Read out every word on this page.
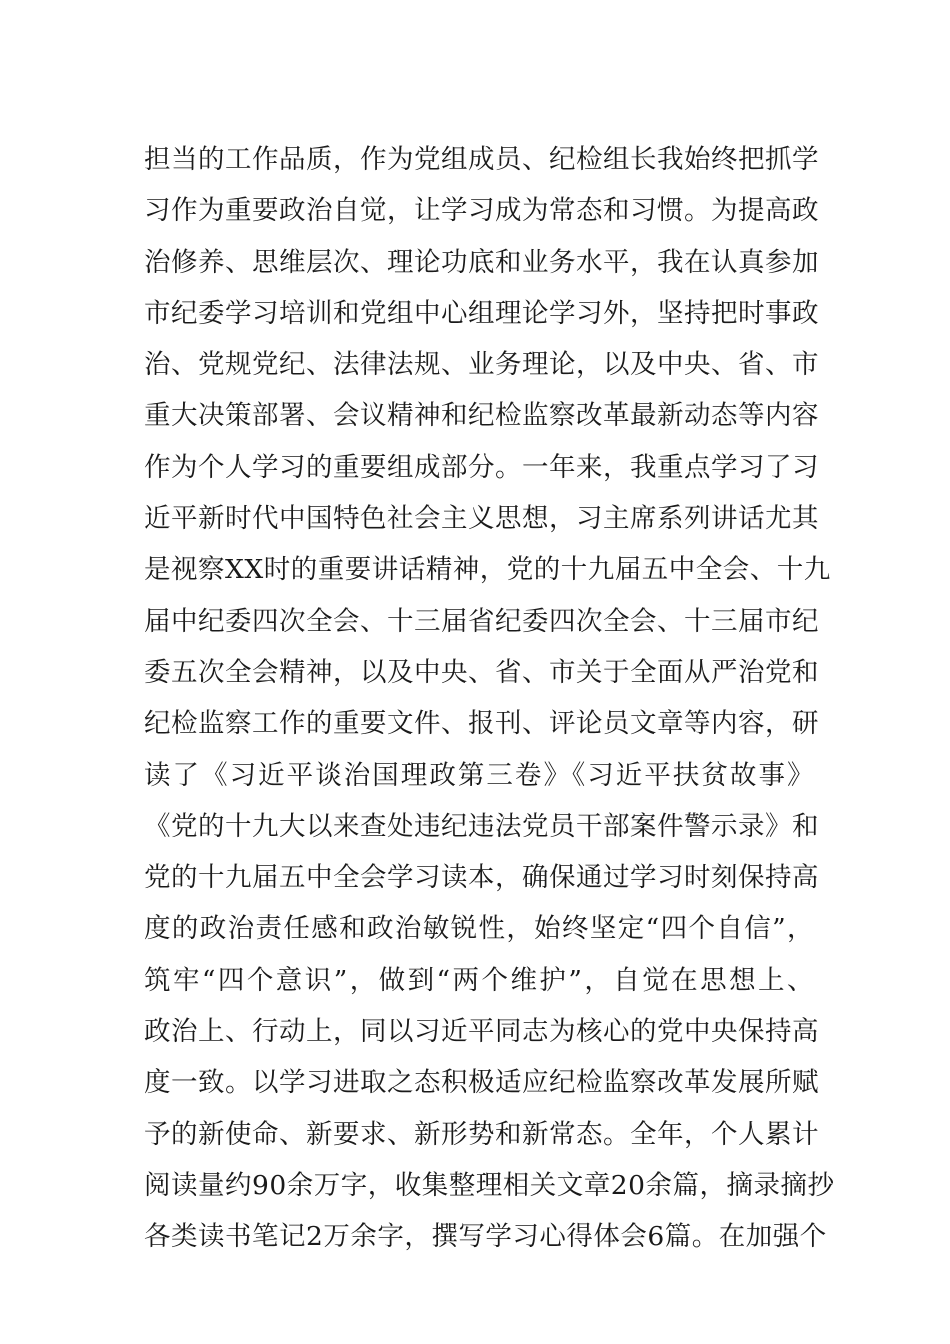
担当的工作品质，作为党组成员、纪检组长我始终把抓学
习作为重要政治自觉，让学习成为常态和习惯。为提高政
治修养、思维层次、理论功底和业务水平，我在认真参加
市纪委学习培训和党组中心组理论学习外，坚持把时事政
治、党规党纪、法律法规、业务理论，以及中央、省、市
重大决策部署、会议精神和纪检监察改革最新动态等内容
作为个人学习的重要组成部分。一年来，我重点学习了习
近平新时代中国特色社会主义思想，习主席系列讲话尤其
是视察XX时的重要讲话精神，党的十九届五中全会、十九
届中纪委四次全会、十三届省纪委四次全会、十三届市纪
委五次全会精神，以及中央、省、市关于全面从严治党和
纪检监察工作的重要文件、报刊、评论员文章等内容，研
读了《习近平谈治国理政第三卷》《习近平扶贫故事》
《党的十九大以来查处违纪违法党员干部案件警示录》和
党的十九届五中全会学习读本，确保通过学习时刻保持高
度的政治责任感和政治敏锐性，始终坚定“四个自信”，
筑牢“四个意识”，做到“两个维护”，自觉在思想上、
政治上、行动上，同以习近平同志为核心的党中央保持高
度一致。以学习进取之态积极适应纪检监察改革发展所赋
予的新使命、新要求、新形势和新常态。全年，个人累计
阅读量约90余万字，收集整理相关文章20余篇，摘录摘抄
各类读书笔记2万余字，撰写学习心得体会6篇。在加强个
